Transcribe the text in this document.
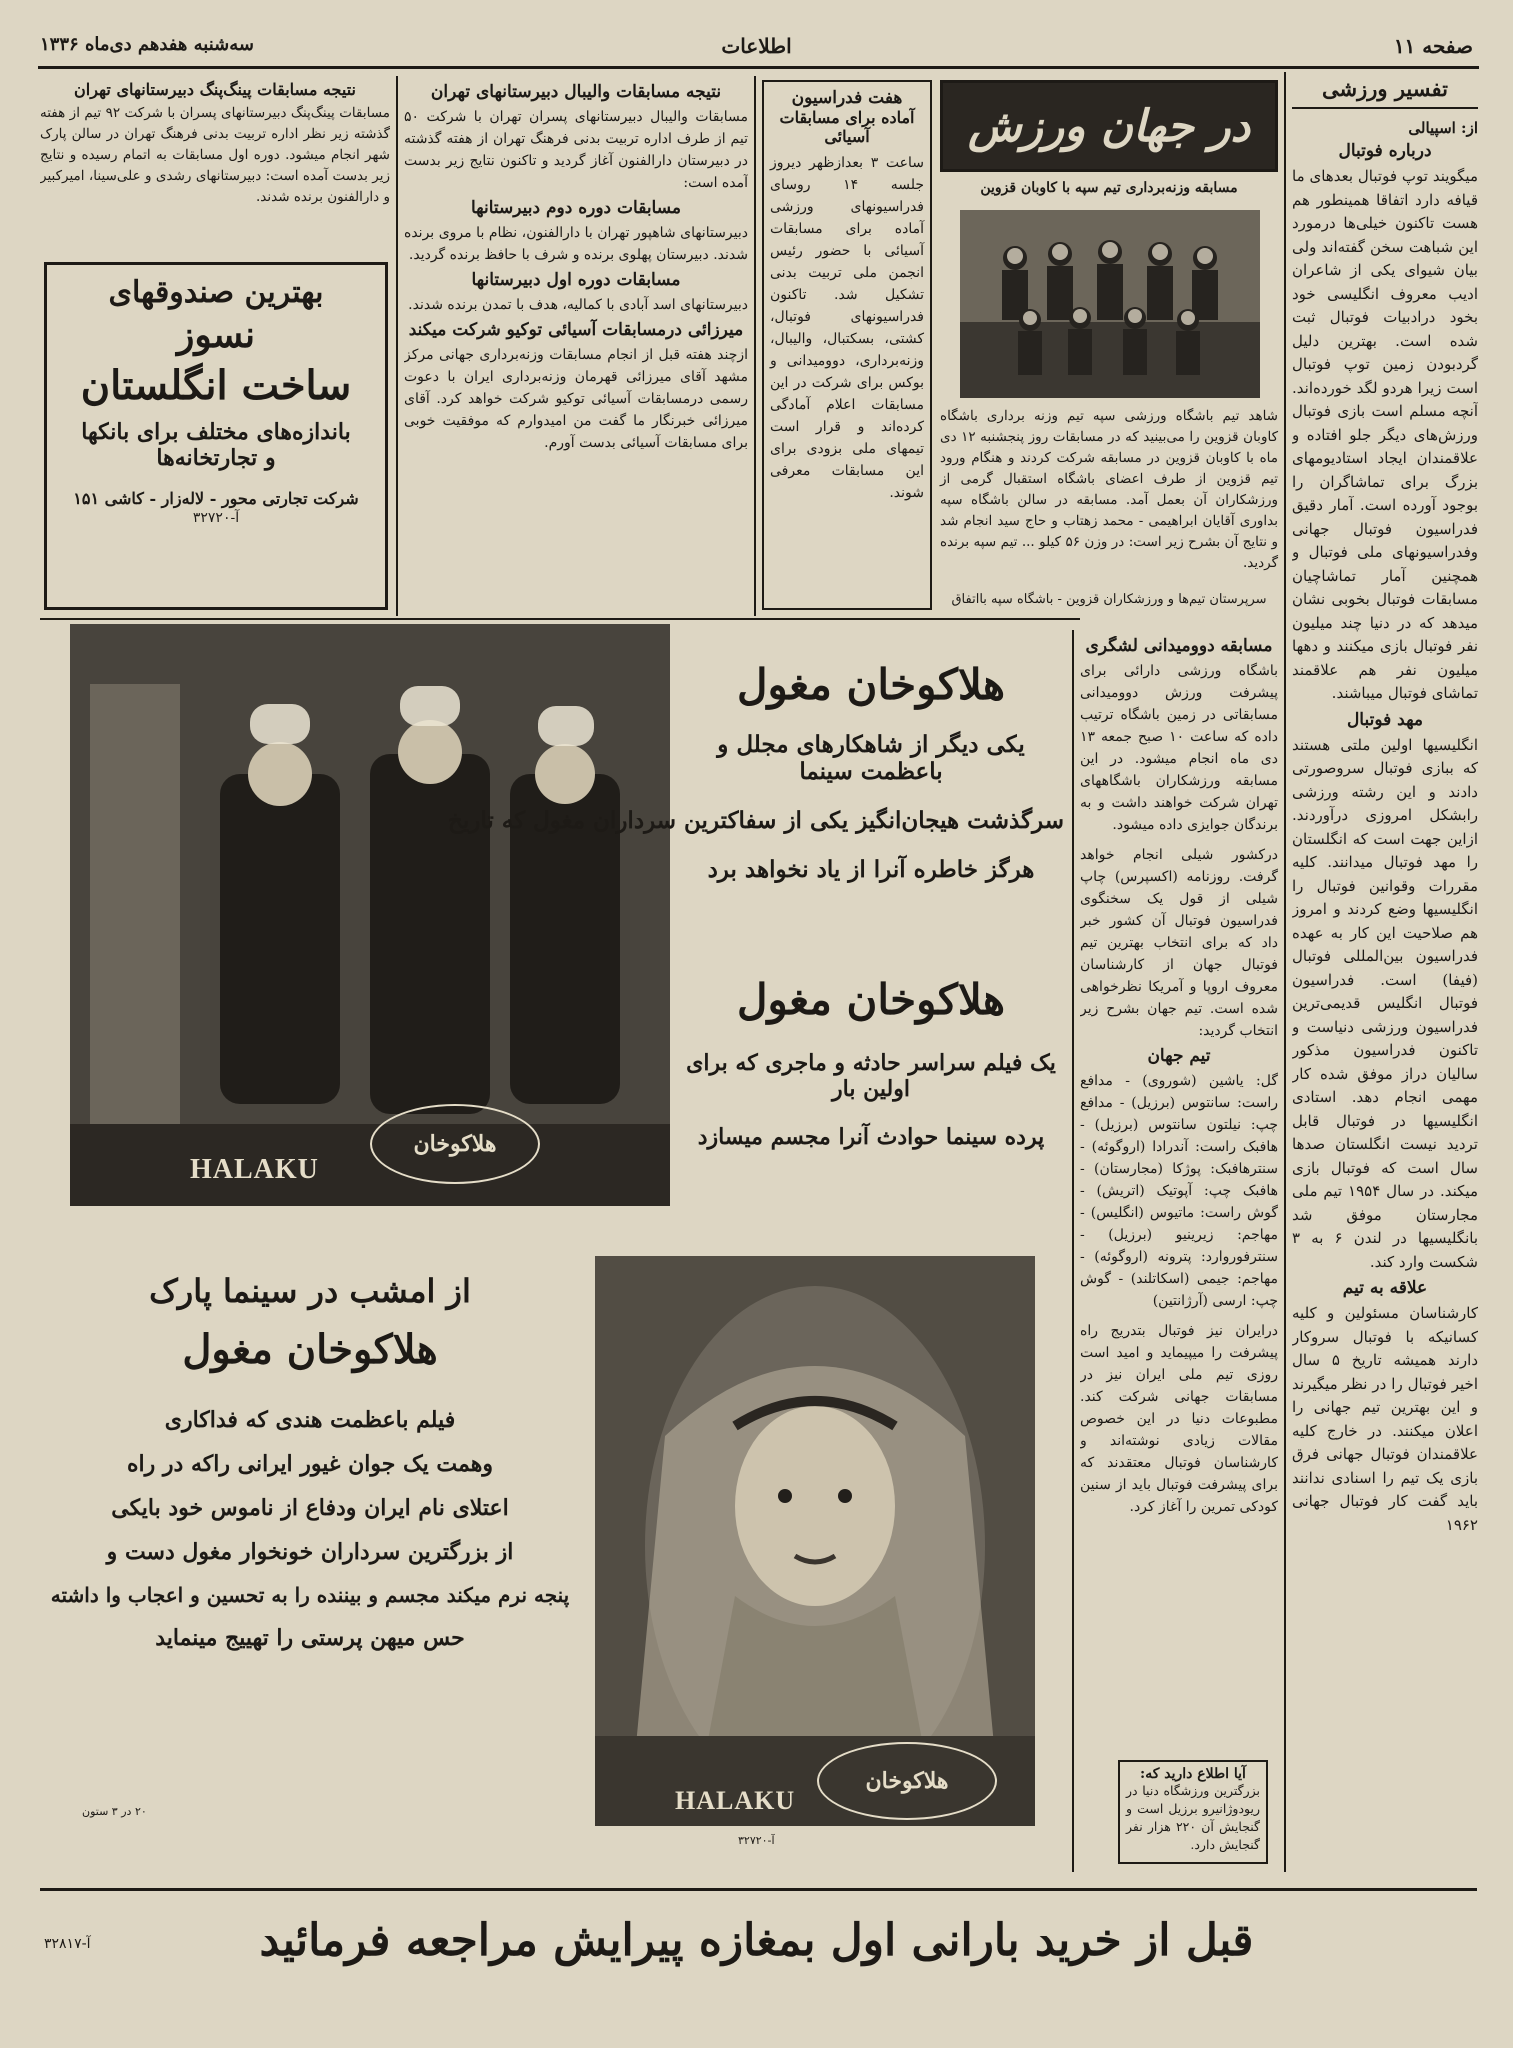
صفحه ۱۱
اطلاعات
سه‌شنبه هفدهم دی‌ماه ۱۳۳۶
تفسیر ورزشی
از: اسپیالی
درباره فوتبال
میگویند توپ فوتبال بعدهای ما قیافه دارد اتفاقا همینطور هم هست تاکنون خیلی‌ها درمورد این شباهت سخن گفته‌اند ولی بیان شیوای یکی از شاعران ادیب معروف انگلیسی خود بخود درادبیات فوتبال ثبت شده است. بهترین دلیل گردبودن زمین توپ فوتبال است زیرا هردو لگد خورده‌اند. آنچه مسلم است بازی فوتبال ورزش‌های دیگر جلو افتاده و علاقمندان ایجاد استادیومهای بزرگ برای تماشاگران را بوجود آورده است. آمار دقیق فدراسیون فوتبال جهانی وفدراسیونهای ملی فوتبال و همچنین آمار تماشاچیان مسابقات فوتبال بخوبی نشان میدهد که در دنیا چند میلیون نفر فوتبال بازی میکنند و دهها میلیون نفر هم علاقمند تماشای فوتبال میباشند.
مهد فوتبال
انگلیسیها اولین ملتی هستند که ببازی فوتبال سروصورتی دادند و این رشته ورزشی رابشکل امروزی درآوردند. ازاین جهت است که انگلستان را مهد فوتبال میدانند. کلیه مقررات وقوانین فوتبال را انگلیسیها وضع کردند و امروز هم صلاحیت این کار به عهده فدراسیون بین‌المللی فوتبال (فیفا) است. فدراسیون فوتبال انگلیس قدیمی‌ترین فدراسیون ورزشی دنیاست و تاکنون فدراسیون مذکور سالیان دراز موفق شده کار مهمی انجام دهد. استادی انگلیسیها در فوتبال قابل تردید نیست انگلستان صدها سال است که فوتبال بازی میکند. در سال ۱۹۵۴ تیم ملی مجارستان موفق شد بانگلیسیها در لندن ۶ به ۳ شکست وارد کند.
علاقه به تیم
کارشناسان مسئولین و کلیه کسانیکه با فوتبال سروکار دارند همیشه تاریخ ۵ سال اخیر فوتبال را در نظر میگیرند و این بهترین تیم جهانی را اعلان میکنند. در خارج کلیه علاقمندان فوتبال جهانی فرق بازی یک تیم را اسنادی ندانند باید گفت کار فوتبال جهانی ۱۹۶۲
در جهان ورزش
مسابقه وزنه‌برداری تیم سپه با کاوبان قزوین
شاهد تیم باشگاه ورزشی سپه تیم وزنه برداری باشگاه کاوبان قزوین را می‌بینید که در مسابقات روز پنجشنبه ۱۲ دی ماه با کاوبان قزوین در مسابقه شرکت کردند و هنگام ورود تیم قزوین از طرف اعضای باشگاه استقبال گرمی از ورزشکاران آن بعمل آمد. مسابقه در سالن باشگاه سپه بداوری آقایان ابراهیمی - محمد زهتاب و حاج سید انجام شد و نتایج آن بشرح زیر است: در وزن ۵۶ کیلو ... تیم سپه برنده گردید.
سرپرستان تیم‌ها و ورزشکاران قزوین - باشگاه سپه بااتفاق
هفت فدراسیون
آماده برای مسابقات آسیائی
ساعت ۳ بعدازظهر دیروز جلسه ۱۴ روسای فدراسیونهای ورزشی آماده برای مسابقات آسیائی با حضور رئیس انجمن ملی تربیت بدنی تشکیل شد. تاکنون فدراسیونهای فوتبال، کشتی، بسکتبال، والیبال، وزنه‌برداری، دوومیدانی و بوکس برای شرکت در این مسابقات اعلام آمادگی کرده‌اند و قرار است تیمهای ملی بزودی برای این مسابقات معرفی شوند.
نتیجه مسابقات والیبال دبیرستانهای تهران
مسابقات والیبال دبیرستانهای پسران تهران با شرکت ۵۰ تیم از طرف اداره تربیت بدنی فرهنگ تهران از هفته گذشته در دبیرستان دارالفنون آغاز گردید و تاکنون نتایج زیر بدست آمده است:
مسابقات دوره دوم دبیرستانها
دبیرستانهای شاهپور تهران با دارالفنون، نظام با مروی برنده شدند. دبیرستان پهلوی برنده و شرف با حافظ برنده گردید.
مسابقات دوره اول دبیرستانها
دبیرستانهای اسد آبادی با کمالیه، هدف با تمدن برنده شدند.
میرزائی درمسابقات آسیائی توکیو شرکت میکند
ازچند هفته قبل از انجام مسابقات وزنه‌برداری جهانی مرکز مشهد آقای میرزائی قهرمان وزنه‌برداری ایران با دعوت رسمی درمسابقات آسیائی توکیو شرکت خواهد کرد. آقای میرزائی خبرنگار ما گفت من امیدوارم که موفقیت خوبی برای مسابقات آسیائی بدست آورم.
نتیجه مسابقات پینگ‌پنگ دبیرستانهای تهران
مسابقات پینگ‌پنگ دبیرستانهای پسران با شرکت ۹۲ تیم از هفته گذشته زیر نظر اداره تربیت بدنی فرهنگ تهران در سالن پارک شهر انجام میشود. دوره اول مسابقات به اتمام رسیده و نتایج زیر بدست آمده است: دبیرستانهای رشدی و علی‌سینا، امیرکبیر و دارالفنون برنده شدند.
بهترین صندوقهای
نسوز
ساخت انگلستان
باندازه‌های مختلف برای بانکها
و تجارتخانه‌ها
شرکت تجارتی محور - لاله‌زار - کاشی ۱۵۱
آ-۳۲۷۲۰
مسابقه دوومیدانی لشگری
باشگاه ورزشی دارائی برای پیشرفت ورزش دوومیدانی مسابقاتی در زمین باشگاه ترتیب داده که ساعت ۱۰ صبح جمعه ۱۳ دی ماه انجام میشود. در این مسابقه ورزشکاران باشگاههای تهران شرکت خواهند داشت و به برندگان جوایزی داده میشود.
درکشور شیلی انجام خواهد گرفت. روزنامه (اکسپرس) چاپ شیلی از قول یک سخنگوی فدراسیون فوتبال آن کشور خبر داد که برای انتخاب بهترین تیم فوتبال جهان از کارشناسان معروف اروپا و آمریکا نظرخواهی شده است. تیم جهان بشرح زیر انتخاب گردید:
تیم جهان
گل: یاشین (شوروی) - مدافع راست: سانتوس (برزیل) - مدافع چپ: نیلتون سانتوس (برزیل) - هافبک راست: آندرادا (اروگوئه) - سنترهافبک: پوژکا (مجارستان) - هافبک چپ: آپوتیک (اتریش) - گوش راست: ماتیوس (انگلیس) - مهاجم: زیرینیو (برزیل) - سنترفوروارد: پترونه (اروگوئه) - مهاجم: جیمی (اسکاتلند) - گوش چپ: ارسی (آرژانتین)
درایران نیز فوتبال بتدریج راه پیشرفت را میپیماید و امید است روزی تیم ملی ایران نیز در مسابقات جهانی شرکت کند. مطبوعات دنیا در این خصوص مقالات زیادی نوشته‌اند و کارشناسان فوتبال معتقدند که برای پیشرفت فوتبال باید از سنین کودکی تمرین را آغاز کرد.
آیا اطلاع دارید که:
بزرگترین ورزشگاه دنیا در ریودوژانیرو برزیل است و گنجایش آن ۲۲۰ هزار نفر گنجایش دارد.
هلاکوخان
HALAKU
هلاکوخان مغول
یکی دیگر از شاهکارهای مجلل و باعظمت سینما
سرگذشت هیجان‌انگیز یکی از سفاکترین سرداران مغول که تاریخ
هرگز خاطره آنرا از یاد نخواهد برد
هلاکوخان مغول
یک فیلم سراسر حادثه و ماجری که برای اولین بار
پرده سینما حوادث آنرا مجسم میسازد
از امشب در سینما پارک
هلاکوخان مغول
فیلم باعظمت هندی که فداکاری
وهمت یک جوان غیور ایرانی راکه در راه
اعتلای نام ایران ودفاع از ناموس خود بایکی
از بزرگترین سرداران خونخوار مغول دست و
پنجه نرم میکند مجسم و بیننده را به تحسین و اعجاب وا داشته
حس میهن پرستی را تهییج مینماید
۲۰ در ۳ ستون
هلاکوخان
HALAKU
آ-۳۲۷۲۰
قبل از خرید بارانی اول بمغازه پیرایش مراجعه فرمائید
آ-۳۲۸۱۷
